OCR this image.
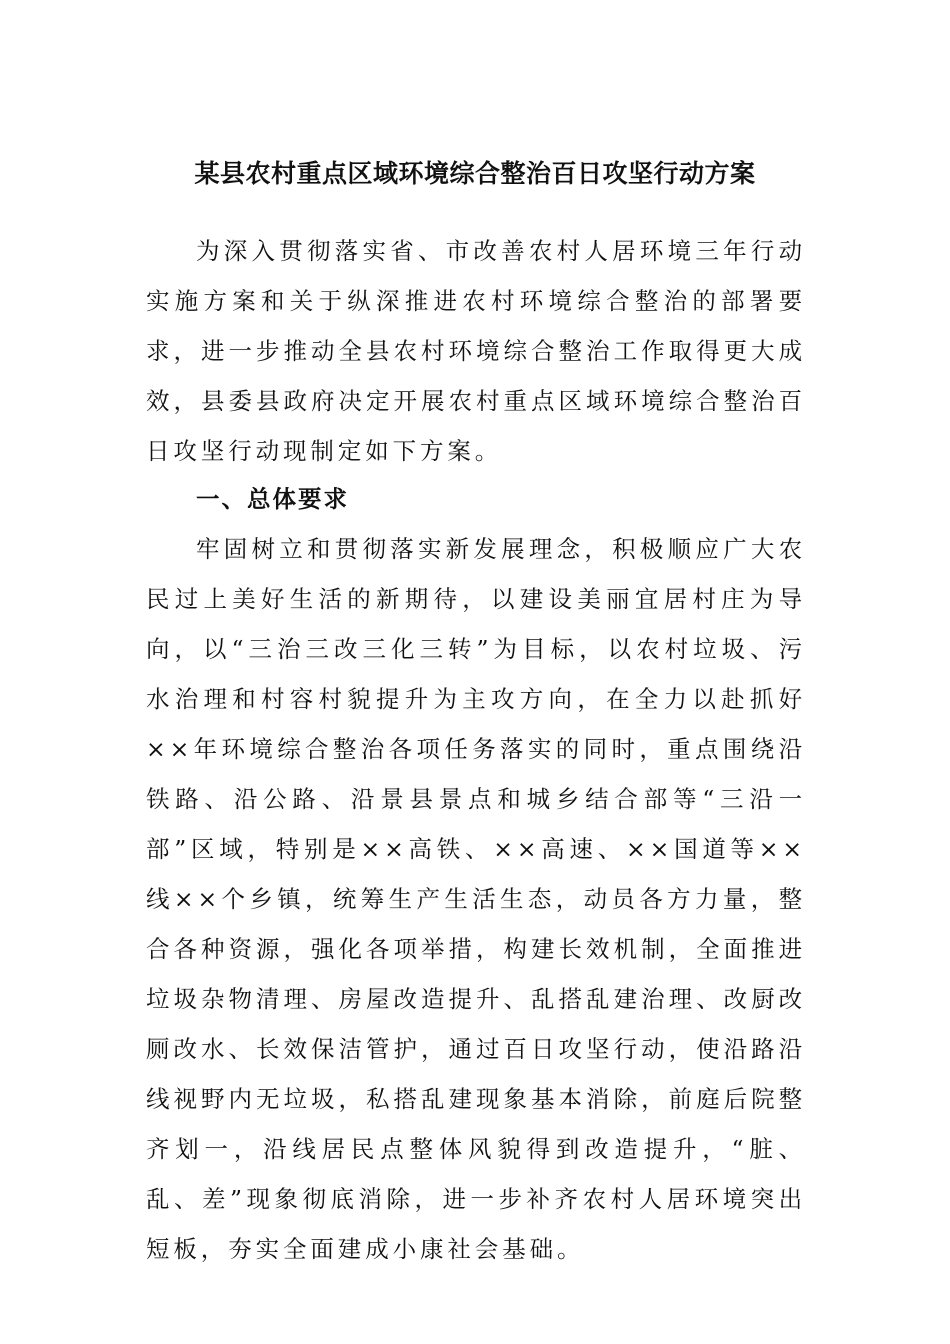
某县农村重点区域环境综合整治百日攻坚行动方案

为深入贯彻落实省、市改善农村人居环境三年行动实施方案和关于纵深推进农村环境综合整治的部署要求，进一步推动全县农村环境综合整治工作取得更大成效，县委县政府决定开展农村重点区域环境综合整治百日攻坚行动现制定如下方案。

一、总体要求

牢固树立和贯彻落实新发展理念，积极顺应广大农民过上美好生活的新期待，以建设美丽宜居村庄为导向，以“三治三改三化三转”为目标，以农村垃圾、污水治理和村容村貌提升为主攻方向，在全力以赴抓好××年环境综合整治各项任务落实的同时，重点围绕沿铁路、沿公路、沿景县景点和城乡结合部等“三沿一部”区域，特别是××高铁、××高速、××国道等××线××个乡镇，统筹生产生活生态，动员各方力量，整合各种资源，强化各项举措，构建长效机制，全面推进垃圾杂物清理、房屋改造提升、乱搭乱建治理、改厨改厕改水、长效保洁管护，通过百日攻坚行动，使沿路沿线视野内无垃圾，私搭乱建现象基本消除，前庭后院整齐划一，沿线居民点整体风貌得到改造提升，“脏、乱、差”现象彻底消除，进一步补齐农村人居环境突出短板，夯实全面建成小康社会基础。
